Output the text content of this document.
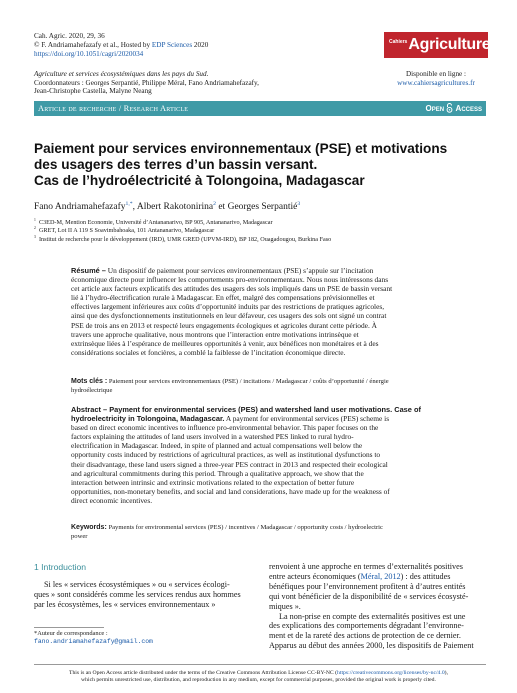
Cah. Agric. 2020, 29, 36
© F. Andriamahefazafy et al., Hosted by EDP Sciences 2020
https://doi.org/10.1051/cagri/2020034
Agriculture et services écosystémiques dans les pays du Sud.
Coordonnateurs : Georges Serpantié, Philippe Méral, Fano Andriamahefazafy,
Jean-Christophe Castella, Malyne Neang
Cahiers Agricultures
Disponible en ligne :
www.cahiersagricultures.fr
Article de recherche / Research Article	Open Access
Paiement pour services environnementaux (PSE) et motivations
des usagers des terres d’un bassin versant.
Cas de l’hydroélectricité à Tolongoina, Madagascar
Fano Andriamahefazafy$^{1,*}$, Albert Rakotonirina$^2$ et Georges Serpantié$^3$
$^1$ C3ED-M, Mention Economie, Université d’Antananarivo, BP 905, Antananarivo, Madagascar
$^2$ GRET, Lot II A 119 S Soavimbahoaka, 101 Antananarivo, Madagascar
$^3$ Institut de recherche pour le développement (IRD), UMR GRED (UPVM-IRD), BP 182, Ouagadougou, Burkina Faso
Résumé – Un dispositif de paiement pour services environnementaux (PSE) s’appuie sur l’incitation
économique directe pour influencer les comportements pro-environnementaux. Nous nous intéressons dans
cet article aux facteurs explicatifs des attitudes des usagers des sols impliqués dans un PSE de bassin versant
lié à l’hydro-électrification rurale à Madagascar. En effet, malgré des compensations prévisionnelles et
effectives largement inférieures aux coûts d’opportunité induits par des restrictions de pratiques agricoles,
ainsi que des dysfonctionnements institutionnels en leur défaveur, ces usagers des sols ont signé un contrat
PSE de trois ans en 2013 et respecté leurs engagements écologiques et agricoles durant cette période. À
travers une approche qualitative, nous montrons que l’interaction entre motivations intrinsèque et
extrinsèque liées à l’espérance de meilleures opportunités à venir, aux bénéfices non monétaires et à des
considérations sociales et foncières, a comblé la faiblesse de l’incitation économique directe.
Mots clés : Paiement pour services environnementaux (PSE) / incitations / Madagascar / coûts d’opportunité / énergie
hydroélectrique
Abstract – Payment for environmental services (PES) and watershed land user motivations. Case of
hydroelectricity in Tolongoina, Madagascar. A payment for environmental services (PES) scheme is
based on direct economic incentives to influence pro-environmental behavior. This paper focuses on the
factors explaining the attitudes of land users involved in a watershed PES linked to rural hydro-
electrification in Madagascar. Indeed, in spite of planned and actual compensations well below the
opportunity costs induced by restrictions of agricultural practices, as well as institutional dysfunctions to
their disadvantage, these land users signed a three-year PES contract in 2013 and respected their ecological
and agricultural commitments during this period. Through a qualitative approach, we show that the
interaction between intrinsic and extrinsic motivations related to the expectation of better future
opportunities, non-monetary benefits, and social and land considerations, have made up for the weakness of
direct economic incentives.
Keywords: Payments for environmental services (PES) / incentives / Madagascar / opportunity costs / hydroelectric
power
1 Introduction
Si les « services écosystémiques » ou « services écologi-
ques » sont considérés comme les services rendus aux hommes
par les écosystèmes, les « services environnementaux »
*Auteur de correspondance :
fano.andriamahefazafy@gmail.com
renvoient à une approche en termes d’externalités positives
entre acteurs économiques (Méral, 2012) : des attitudes
bénéfiques pour l’environnement profitent à d’autres entités
qui vont bénéficier de la disponibilité de « services écosysté-
miques ».
La non-prise en compte des externalités positives est une
des explications des comportements dégradant l’environne-
ment et de la rareté des actions de protection de ce dernier.
Apparus au début des années 2000, les dispositifs de Paiement
This is an Open Access article distributed under the terms of the Creative Commons Attribution License CC-BY-NC (https://creativecommons.org/licenses/by-nc/4.0),
which permits unrestricted use, distribution, and reproduction in any medium, except for commercial purposes, provided the original work is properly cited.
